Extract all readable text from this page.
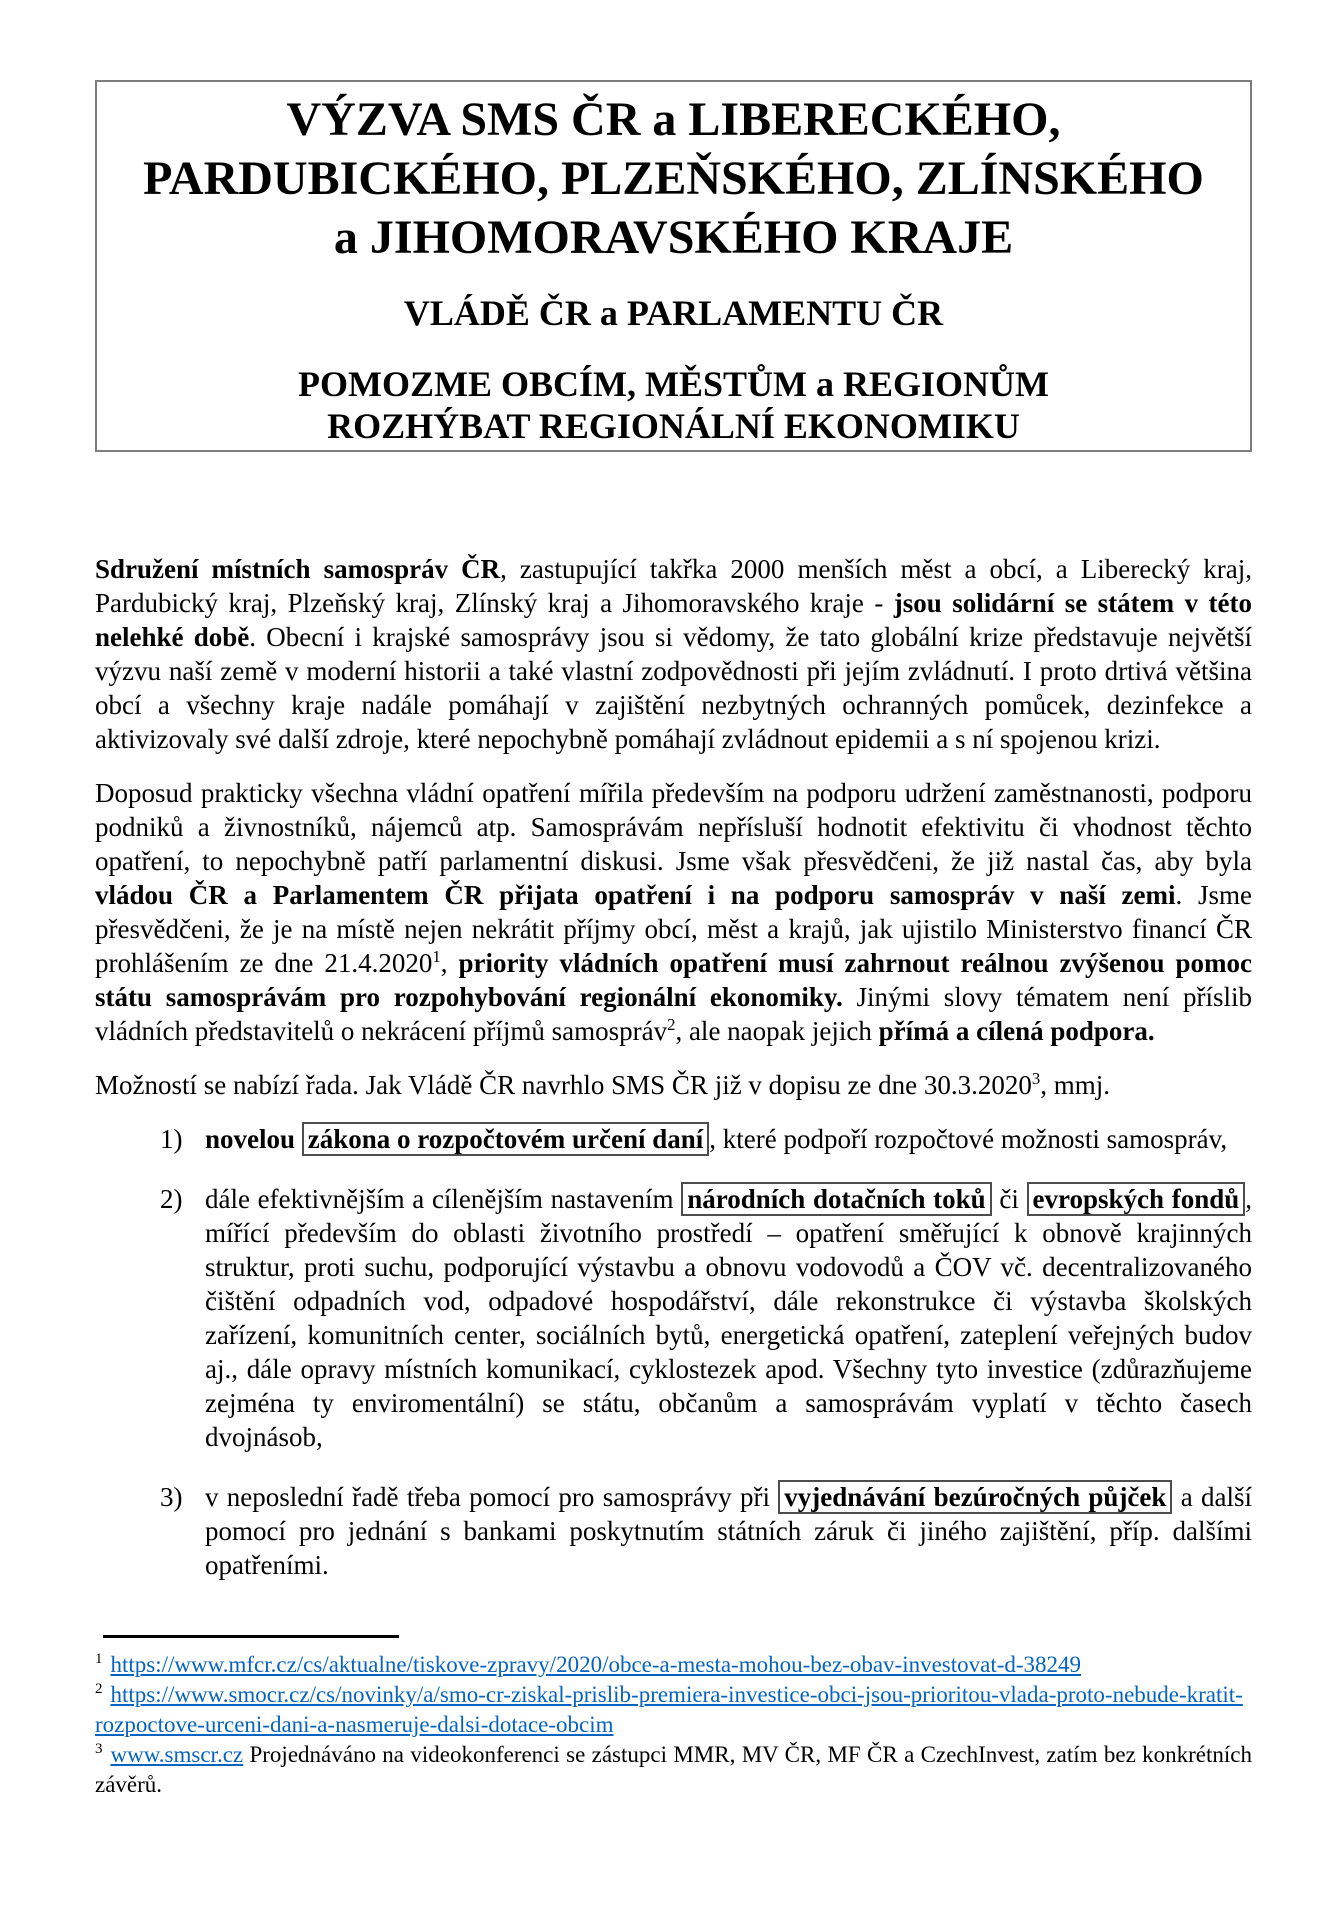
VÝZVA SMS ČR a LIBERECKÉHO,
PARDUBICKÉHO, PLZEŇSKÉHO, ZLÍNSKÉHO
a JIHOMORAVSKÉHO KRAJE
VLÁDĚ ČR a PARLAMENTU ČR
POMOZME OBCÍM, MĚSTŮM a REGIONŮM
ROZHÝBAT REGIONÁLNÍ EKONOMIKU

Sdružení místních samospráv ČR, zastupující takřka 2000 menších měst a obcí, a Liberecký kraj, Pardubický kraj, Plzeňský kraj, Zlínský kraj a Jihomoravského kraje - jsou solidární se státem v této nelehké době. Obecní i krajské samosprávy jsou si vědomy, že tato globální krize představuje největší výzvu naší země v moderní historii a také vlastní zodpovědnosti při jejím zvládnutí. I proto drtivá většina obcí a všechny kraje nadále pomáhají v zajištění nezbytných ochranných pomůcek, dezinfekce a aktivizovaly své další zdroje, které nepochybně pomáhají zvládnout epidemii a s ní spojenou krizi.

Doposud prakticky všechna vládní opatření mířila především na podporu udržení zaměstnanosti, podporu podniků a živnostníků, nájemců atp. Samosprávám nepřísluší hodnotit efektivitu či vhodnost těchto opatření, to nepochybně patří parlamentní diskusi. Jsme však přesvědčeni, že již nastal čas, aby byla vládou ČR a Parlamentem ČR přijata opatření i na podporu samospráv v naší zemi. Jsme přesvědčeni, že je na místě nejen nekrátit příjmy obcí, měst a krajů, jak ujistilo Ministerstvo financí ČR prohlášením ze dne 21.4.2020$^1$, priority vládních opatření musí zahrnout reálnou zvýšenou pomoc státu samosprávám pro rozpohybování regionální ekonomiky. Jinými slovy tématem není příslib vládních představitelů o nekrácení příjmů samospráv$^2$, ale naopak jejich přímá a cílená podpora.

Možností se nabízí řada. Jak Vládě ČR navrhlo SMS ČR již v dopisu ze dne 30.3.2020$^3$, mmj.

1) novelou zákona o rozpočtovém určení daní , které podpoří rozpočtové možnosti samospráv,
2) dále efektivnějším a cílenějším nastavením národních dotačních toků či evropských fondů , mířící především do oblasti životního prostředí – opatření směřující k obnově krajinných struktur, proti suchu, podporující výstavbu a obnovu vodovodů a ČOV vč. decentralizovaného čištění odpadních vod, odpadové hospodářství, dále rekonstrukce či výstavba školských zařízení, komunitních center, sociálních bytů, energetická opatření, zateplení veřejných budov aj., dále opravy místních komunikací, cyklostezek apod. Všechny tyto investice (zdůrazňujeme zejména ty enviromentální) se státu, občanům a samosprávám vyplatí v těchto časech dvojnásob,
3) v neposlední řadě třeba pomocí pro samosprávy při vyjednávání bezúročných půjček a další pomocí pro jednání s bankami poskytnutím státních záruk či jiného zajištění, příp. dalšími opatřeními.
$^1$ https://www.mfcr.cz/cs/aktualne/tiskove-zpravy/2020/obce-a-mesta-mohou-bez-obav-investovat-d-38249
$^2$ https://www.smocr.cz/cs/novinky/a/smo-cr-ziskal-prislib-premiera-investice-obci-jsou-prioritou-vlada-proto-nebude-kratit-rozpoctove-urceni-dani-a-nasmeruje-dalsi-dotace-obcim
$^3$ www.smscr.cz Projednáváno na videokonferenci se zástupci MMR, MV ČR, MF ČR a CzechInvest, zatím bez konkrétních závěrů.
